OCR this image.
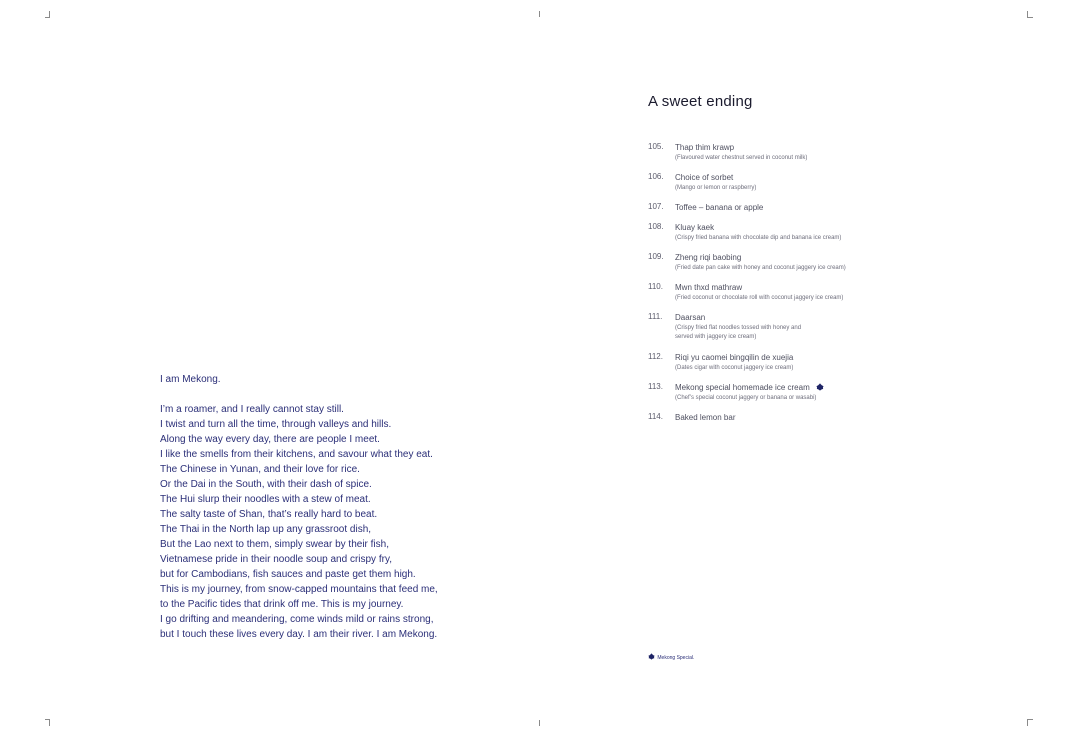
I am Mekong.
I’m a roamer, and I really cannot stay still.
I twist and turn all the time, through valleys and hills.
Along the way every day, there are people I meet.
I like the smells from their kitchens, and savour what they eat.
The Chinese in Yunan, and their love for rice.
Or the Dai in the South, with their dash of spice.
The Hui slurp their noodles with a stew of meat.
The salty taste of Shan, that’s really hard to beat.
The Thai in the North lap up any grassroot dish,
But the Lao next to them, simply swear by their fish,
Vietnamese pride in their noodle soup and crispy fry,
but for Cambodians, fish sauces and paste get them high.
This is my journey, from snow-capped mountains that feed me,
to the Pacific tides that drink off me. This is my journey.
I go drifting and meandering, come winds mild or rains strong,
but I touch these lives every day. I am their river. I am Mekong.
A sweet ending
105.	Thap thim krawp
(Flavoured water chestnut served in coconut milk)
106.	Choice of sorbet
(Mango or lemon or raspberry)
107.	Toffee – banana or apple
108.	Kluay kaek
(Crispy fried banana with chocolate dip and banana ice cream)
109.	Zheng riqi baobing
(Fried date pan cake with honey and coconut jaggery ice cream)
110.	Mwn thxd mathraw
(Fried coconut or chocolate roll with coconut jaggery ice cream)
111.	Daarsan
(Crispy fried flat noodles tossed with honey and
served with jaggery ice cream)
112.	Riqi yu caomei bingqilin de xuejia
(Dates cigar with coconut jaggery ice cream)
113.	Mekong special homemade ice cream
(Chef’s special coconut jaggery or banana or wasabi)
114.	Baked lemon bar
Mekong Special.
